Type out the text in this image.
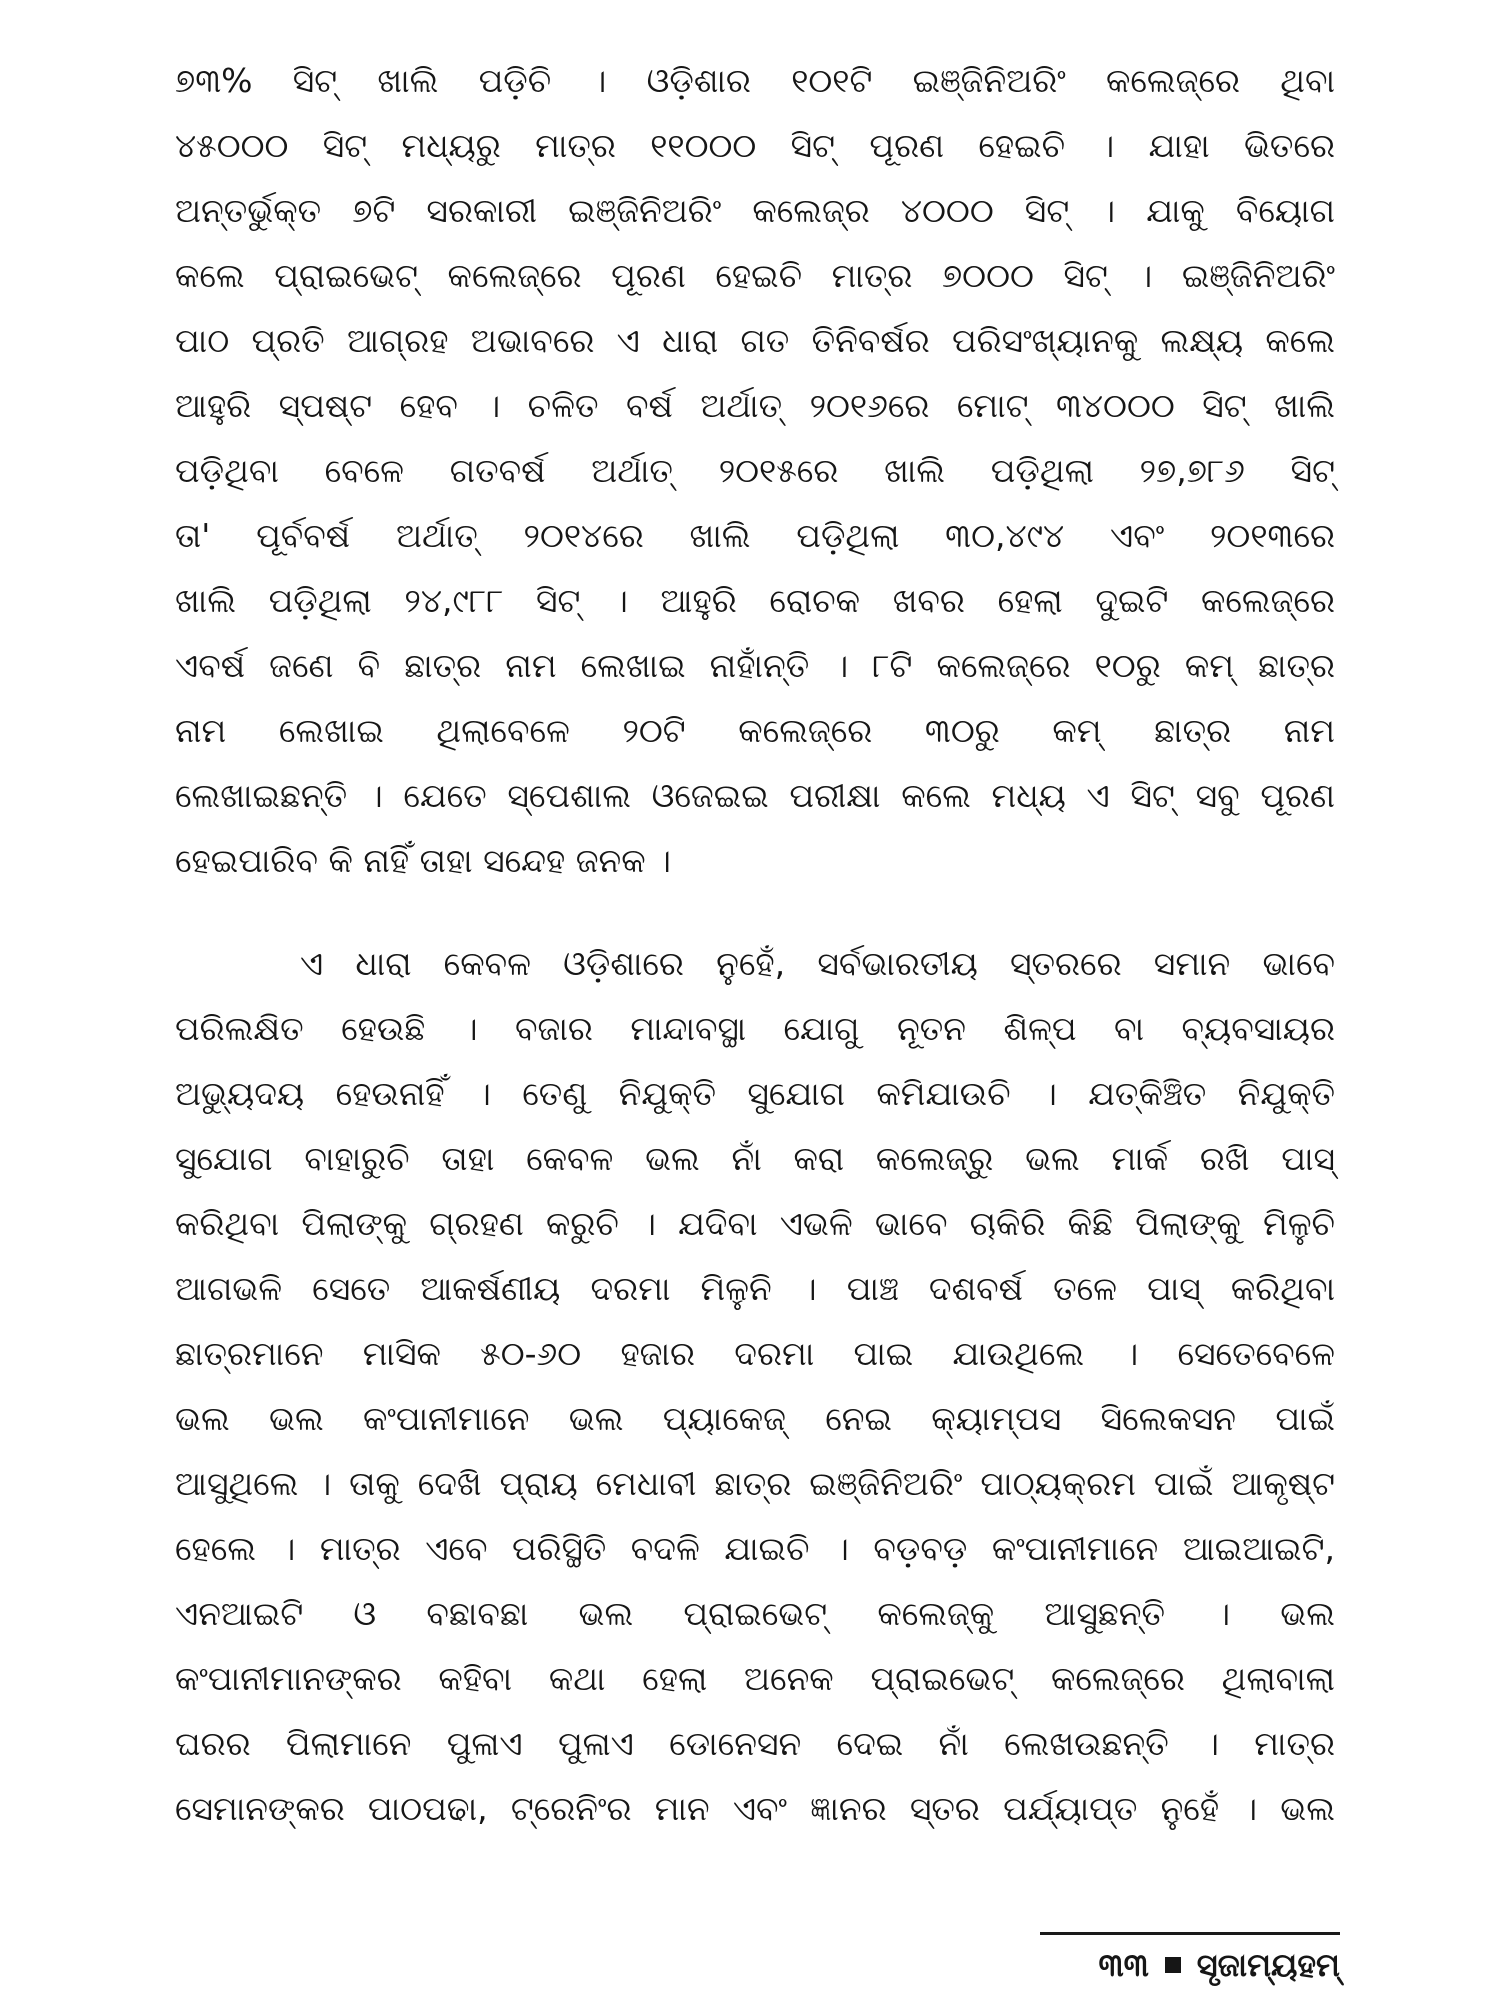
୭୩% ସିଟ୍ ଖାଲି ପଡ଼ିଚି । ଓଡ଼ିଶାର ୧୦୧ଟି ଇଞ୍ଜିନିଅରିଂ କଲେଜ୍‌ରେ ଥିବା
୪୫୦୦୦ ସିଟ୍ ମଧ୍ୟରୁ ମାତ୍ର ୧୧୦୦୦ ସିଟ୍ ପୂରଣ ହେଇଚି । ଯାହା ଭିତରେ
ଅନ୍ତର୍ଭୁକ୍ତ ୭ଟି ସରକାରୀ ଇଞ୍ଜିନିଅରିଂ କଲେଜ୍‌ର ୪୦୦୦ ସିଟ୍ । ଯାକୁ ବିୟୋଗ
କଲେ ପ୍ରାଇଭେଟ୍ କଲେଜ୍‌ରେ ପୂରଣ ହେଇଚି ମାତ୍ର ୭୦୦୦ ସିଟ୍ । ଇଞ୍ଜିନିଅରିଂ
ପାଠ ପ୍ରତି ଆଗ୍ରହ ଅଭାବରେ ଏ ଧାରା ଗତ ତିନିବର୍ଷର ପରିସଂଖ୍ୟାନକୁ ଲକ୍ଷ୍ୟ କଲେ
ଆହୁରି ସ୍ପଷ୍ଟ ହେବ । ଚଳିତ ବର୍ଷ ଅର୍ଥାତ୍ ୨୦୧୬ରେ ମୋଟ୍ ୩୪୦୦୦ ସିଟ୍ ଖାଲି
ପଡ଼ିଥିବା ବେଳେ ଗତବର୍ଷ ଅର୍ଥାତ୍ ୨୦୧୫ରେ ଖାଲି ପଡ଼ିଥିଲା ୨୭,୭୮୬ ସିଟ୍
ତା' ପୂର୍ବବର୍ଷ ଅର୍ଥାତ୍ ୨୦୧୪ରେ ଖାଲି ପଡ଼ିଥିଲା ୩୦,୪୯୪ ଏବଂ ୨୦୧୩ରେ
ଖାଲି ପଡ଼ିଥିଲା ୨୪,୯୮୮ ସିଟ୍ । ଆହୁରି ରୋଚକ ଖବର ହେଲା ଦୁଇଟି କଲେଜ୍‌ରେ
ଏବର୍ଷ ଜଣେ ବି ଛାତ୍ର ନାମ ଲେଖାଇ ନାହାଁନ୍ତି । ୮ଟି କଲେଜ୍‌ରେ ୧୦ରୁ କମ୍ ଛାତ୍ର
ନାମ ଲେଖାଇ ଥିଲାବେଳେ ୨୦ଟି କଲେଜ୍‌ରେ ୩୦ରୁ କମ୍ ଛାତ୍ର ନାମ
ଲେଖାଇଛନ୍ତି । ଯେତେ ସ୍ପେଶାଲ ଓଜେଇଇ ପରୀକ୍ଷା କଲେ ମଧ୍ୟ ଏ ସିଟ୍ ସବୁ ପୂରଣ
ହେଇପାରିବ କି ନାହିଁ ତାହା ସନ୍ଦେହ ଜନକ ।
ଏ ଧାରା କେବଳ ଓଡ଼ିଶାରେ ନୁହେଁ, ସର୍ବଭାରତୀୟ ସ୍ତରରେ ସମାନ ଭାବେ
ପରିଲକ୍ଷିତ ହେଉଛି । ବଜାର ମାନ୍ଦାବସ୍ଥା ଯୋଗୁ ନୂତନ ଶିଳ୍ପ ବା ବ୍ୟବସାୟର
ଅଭ୍ୟୁଦୟ ହେଉନାହିଁ । ତେଣୁ ନିଯୁକ୍ତି ସୁଯୋଗ କମିଯାଉଚି । ଯତ୍‌କିଞ୍ଚିତ ନିଯୁକ୍ତି
ସୁଯୋଗ ବାହାରୁଚି ତାହା କେବଳ ଭଲ ନାଁ କରା କଲେଜ୍‌ରୁ ଭଲ ମାର୍କ ରଖି ପାସ୍
କରିଥିବା ପିଲାଙ୍କୁ ଗ୍ରହଣ କରୁଚି । ଯଦିବା ଏଭଳି ଭାବେ ଚାକିରି କିଛି ପିଲାଙ୍କୁ ମିଳୁଚି
ଆଗଭଳି ସେତେ ଆକର୍ଷଣୀୟ ଦରମା ମିଳୁନି । ପାଞ୍ଚ ଦଶବର୍ଷ ତଳେ ପାସ୍ କରିଥିବା
ଛାତ୍ରମାନେ ମାସିକ ୫୦-୬୦ ହଜାର ଦରମା ପାଇ ଯାଉଥିଲେ । ସେତେବେଳେ
ଭଲ ଭଲ କଂପାନୀମାନେ ଭଲ ପ୍ୟାକେଜ୍ ନେଇ କ୍ୟାମ୍ପସ ସିଲେକସନ ପାଇଁ
ଆସୁଥିଲେ । ତାକୁ ଦେଖି ପ୍ରାୟ ମେଧାବୀ ଛାତ୍ର ଇଞ୍ଜିନିଅରିଂ ପାଠ୍ୟକ୍ରମ ପାଇଁ ଆକୃଷ୍ଟ
ହେଲେ । ମାତ୍ର ଏବେ ପରିସ୍ଥିତି ବଦଳି ଯାଇଚି । ବଡ଼ବଡ଼ କଂପାନୀମାନେ ଆଇଆଇଟି,
ଏନଆଇଟି ଓ ବଛାବଛା ଭଲ ପ୍ରାଇଭେଟ୍ କଲେଜ୍‌କୁ ଆସୁଛନ୍ତି । ଭଲ
କଂପାନୀମାନଙ୍କର କହିବା କଥା ହେଲା ଅନେକ ପ୍ରାଇଭେଟ୍ କଲେଜ୍‌ରେ ଥିଲାବାଲା
ଘରର ପିଲାମାନେ ପୁଳାଏ ପୁଳାଏ ଡୋନେସନ ଦେଇ ନାଁ ଲେଖଉଛନ୍ତି । ମାତ୍ର
ସେମାନଙ୍କର ପାଠପଢା, ଟ୍ରେନିଂର ମାନ ଏବଂ ଜ୍ଞାନର ସ୍ତର ପର୍ଯ୍ୟାପ୍ତ ନୁହେଁ । ଭଲ
୩୩ ସୃଜାମ୍ୟହମ୍
